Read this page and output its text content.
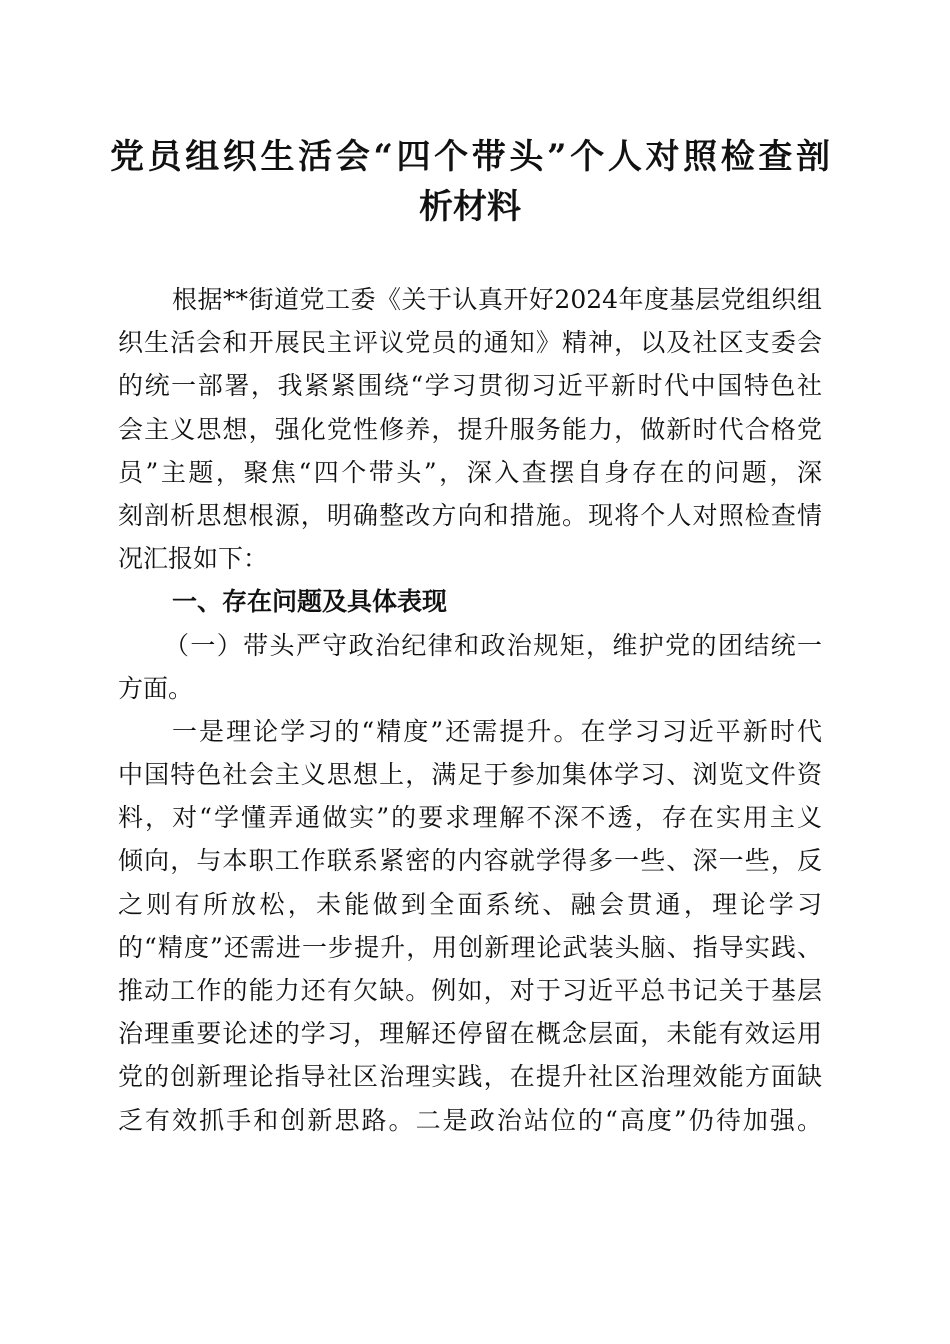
党员组织生活会“四个带头”个人对照检查剖
析材料
根据**街道党工委《关于认真开好2024年度基层党组织组
织生活会和开展民主评议党员的通知》精神，以及社区支委会
的统一部署，我紧紧围绕“学习贯彻习近平新时代中国特色社
会主义思想，强化党性修养，提升服务能力，做新时代合格党
员”主题，聚焦“四个带头”，深入查摆自身存在的问题，深
刻剖析思想根源，明确整改方向和措施。现将个人对照检查情
况汇报如下：
一、存在问题及具体表现
（一）带头严守政治纪律和政治规矩，维护党的团结统一
方面。
一是理论学习的“精度”还需提升。在学习习近平新时代
中国特色社会主义思想上，满足于参加集体学习、浏览文件资
料，对“学懂弄通做实”的要求理解不深不透，存在实用主义
倾向，与本职工作联系紧密的内容就学得多一些、深一些，反
之则有所放松，未能做到全面系统、融会贯通，理论学习
的“精度”还需进一步提升，用创新理论武装头脑、指导实践、
推动工作的能力还有欠缺。例如，对于习近平总书记关于基层
治理重要论述的学习，理解还停留在概念层面，未能有效运用
党的创新理论指导社区治理实践，在提升社区治理效能方面缺
乏有效抓手和创新思路。二是政治站位的“高度”仍待加强。
